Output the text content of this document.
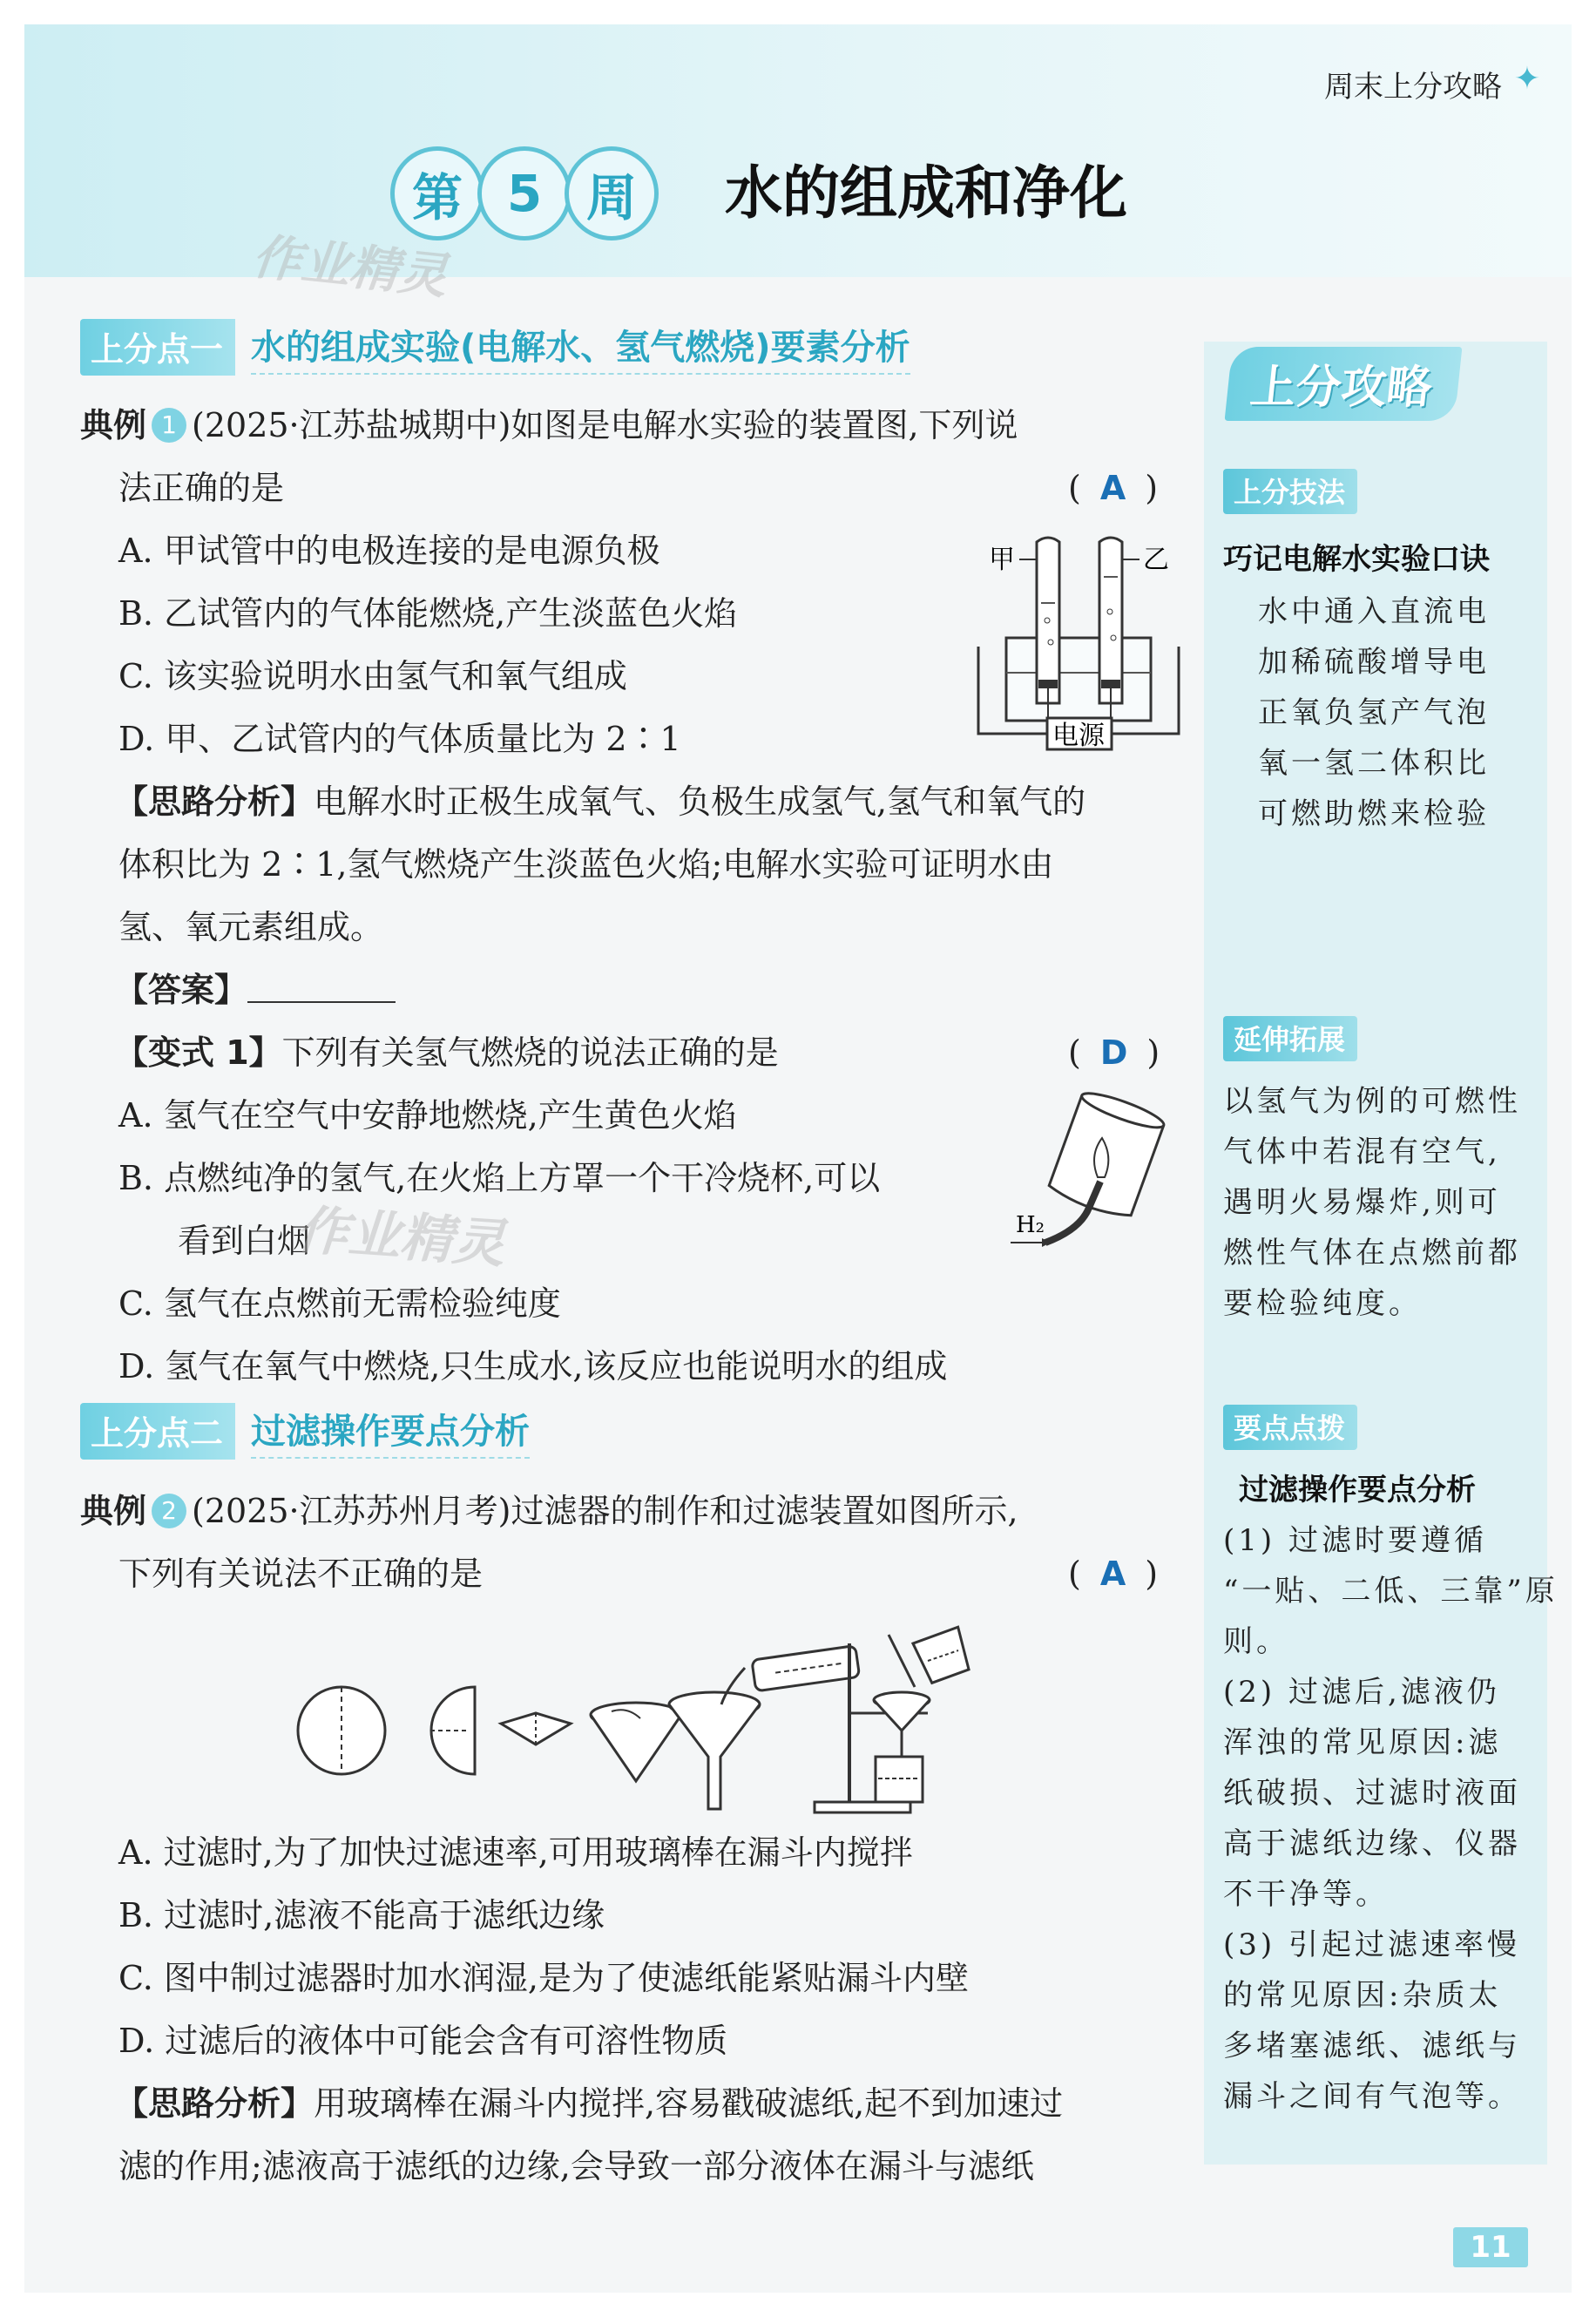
周末上分攻略 ✦
第 5 周	水的组成和净化
作业精灵
上分点一 水的组成实验(电解水、氢气燃烧)要素分析
典例 1 (2025·江苏盐城期中)如图是电解水实验的装置图,下列说
法正确的是	( A )
A. 甲试管中的电极连接的是电源负极
B. 乙试管内的气体能燃烧,产生淡蓝色火焰
C. 该实验说明水由氢气和氧气组成
D. 甲、乙试管内的气体质量比为 2∶1
甲	乙
电源
【思路分析】电解水时正极生成氧气、负极生成氢气,氢气和氧气的
体积比为 2∶1,氢气燃烧产生淡蓝色火焰;电解水实验可证明水由
氢、氧元素组成。
【答案】
【变式 1】下列有关氢气燃烧的说法正确的是	( D )
A. 氢气在空气中安静地燃烧,产生黄色火焰
B. 点燃纯净的氢气,在火焰上方罩一个干冷烧杯,可以
看到白烟
作业精灵
C. 氢气在点燃前无需检验纯度
D. 氢气在氧气中燃烧,只生成水,该反应也能说明水的组成
H₂
上分点二 过滤操作要点分析
典例 2 (2025·江苏苏州月考)过滤器的制作和过滤装置如图所示,
下列有关说法不正确的是	( A )
A. 过滤时,为了加快过滤速率,可用玻璃棒在漏斗内搅拌
B. 过滤时,滤液不能高于滤纸边缘
C. 图中制过滤器时加水润湿,是为了使滤纸能紧贴漏斗内壁
D. 过滤后的液体中可能会含有可溶性物质
【思路分析】用玻璃棒在漏斗内搅拌,容易戳破滤纸,起不到加速过
滤的作用;滤液高于滤纸的边缘,会导致一部分液体在漏斗与滤纸
上分攻略
上分技法
巧记电解水实验口诀
水中通入直流电
加稀硫酸增导电
正氧负氢产气泡
氧一氢二体积比
可燃助燃来检验
延伸拓展
以氢气为例的可燃性
气体中若混有空气,
遇明火易爆炸,则可
燃性气体在点燃前都
要检验纯度。
要点点拨
过滤操作要点分析
(1) 过滤时要遵循
“一贴、二低、三靠”原
则。
(2) 过滤后,滤液仍
浑浊的常见原因:滤
纸破损、过滤时液面
高于滤纸边缘、仪器
不干净等。
(3) 引起过滤速率慢
的常见原因:杂质太
多堵塞滤纸、滤纸与
漏斗之间有气泡等。
11
